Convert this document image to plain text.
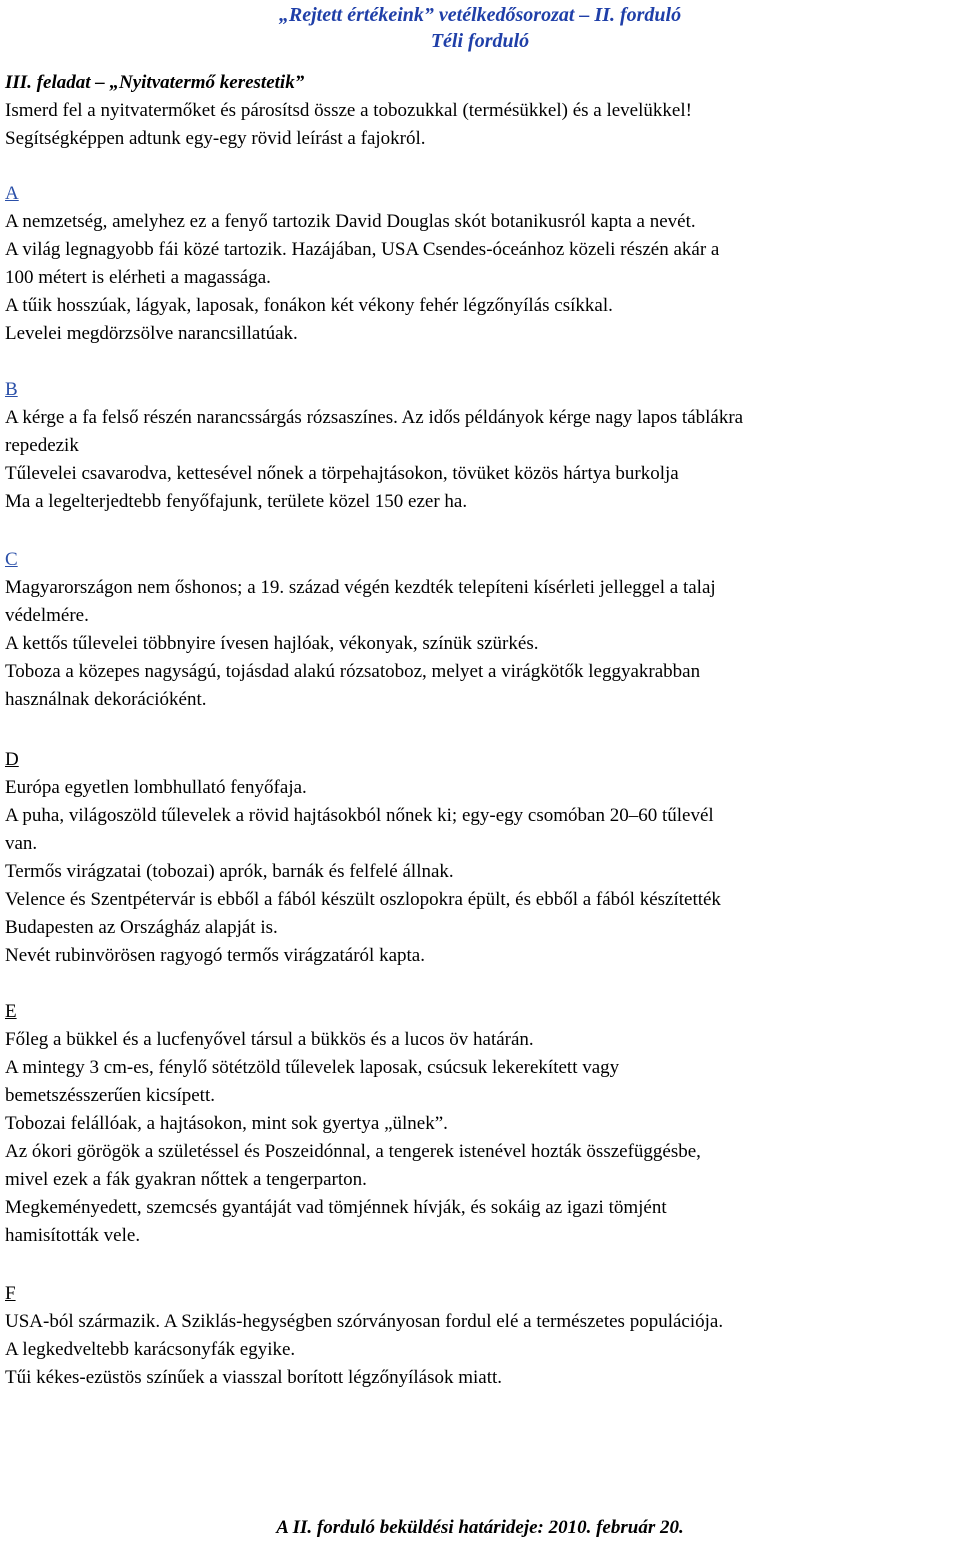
„Rejtett értékeink” vetélkedősorozat – II. forduló
Téli forduló
III. feladat – „Nyitvatermő kerestetik”
Ismerd fel a nyitvatermőket és párosítsd össze a tobozukkal (termésükkel) és a levelükkel!
Segítségképpen adtunk egy-egy rövid leírást a fajokról.
A
A nemzetség, amelyhez ez a fenyő tartozik David Douglas skót botanikusról kapta a nevét.
A világ legnagyobb fái közé tartozik. Hazájában, USA Csendes-óceánhoz közeli részén akár a
100 métert is elérheti a magassága.
A tűik hosszúak, lágyak, laposak, fonákon két vékony fehér légzőnyílás csíkkal.
Levelei megdörzsölve narancsillatúak.
B
A kérge a fa felső részén narancssárgás rózsaszínes. Az idős példányok kérge nagy lapos táblákra
repedezik
Tűlevelei csavarodva, kettesével nőnek a törpehajtásokon, tövüket közös hártya burkolja
Ma a legelterjedtebb fenyőfajunk, területe közel 150 ezer ha.
C
Magyarországon nem őshonos; a 19. század végén kezdték telepíteni kísérleti jelleggel a talaj
védelmére.
A kettős tűlevelei többnyire ívesen hajlóak, vékonyak, színük szürkés.
Toboza a közepes nagyságú, tojásdad alakú rózsatoboz, melyet a virágkötők leggyakrabban
használnak dekorációként.
D
Európa egyetlen lombhullató fenyőfaja.
A puha, világoszöld tűlevelek a rövid hajtásokból nőnek ki; egy-egy csomóban 20–60 tűlevél
van.
Termős virágzatai (tobozai) aprók, barnák és felfelé állnak.
Velence és Szentpétervár is ebből a fából készült oszlopokra épült, és ebből a fából készítették
Budapesten az Országház alapját is.
Nevét rubinvörösen ragyogó termős virágzatáról kapta.
E
Főleg a bükkel és a lucfenyővel társul a bükkös és a lucos öv határán.
A mintegy 3 cm-es, fénylő sötétzöld tűlevelek laposak, csúcsuk lekerekített vagy
bemetszésszerűen kicsípett.
Tobozai felállóak, a hajtásokon, mint sok gyertya „ülnek”.
Az ókori görögök a születéssel és Poszeidónnal, a tengerek istenével hozták összefüggésbe,
mivel ezek a fák gyakran nőttek a tengerparton.
Megkeményedett, szemcsés gyantáját vad tömjénnek hívják, és sokáig az igazi tömjént
hamisították vele.
F
USA-ból származik. A Sziklás-hegységben szórványosan fordul elé a természetes populációja.
A legkedveltebb karácsonyfák egyike.
Tűi kékes-ezüstös színűek a viasszal borított légzőnyílások miatt.
A II. forduló beküldési határideje: 2010. február 20.
